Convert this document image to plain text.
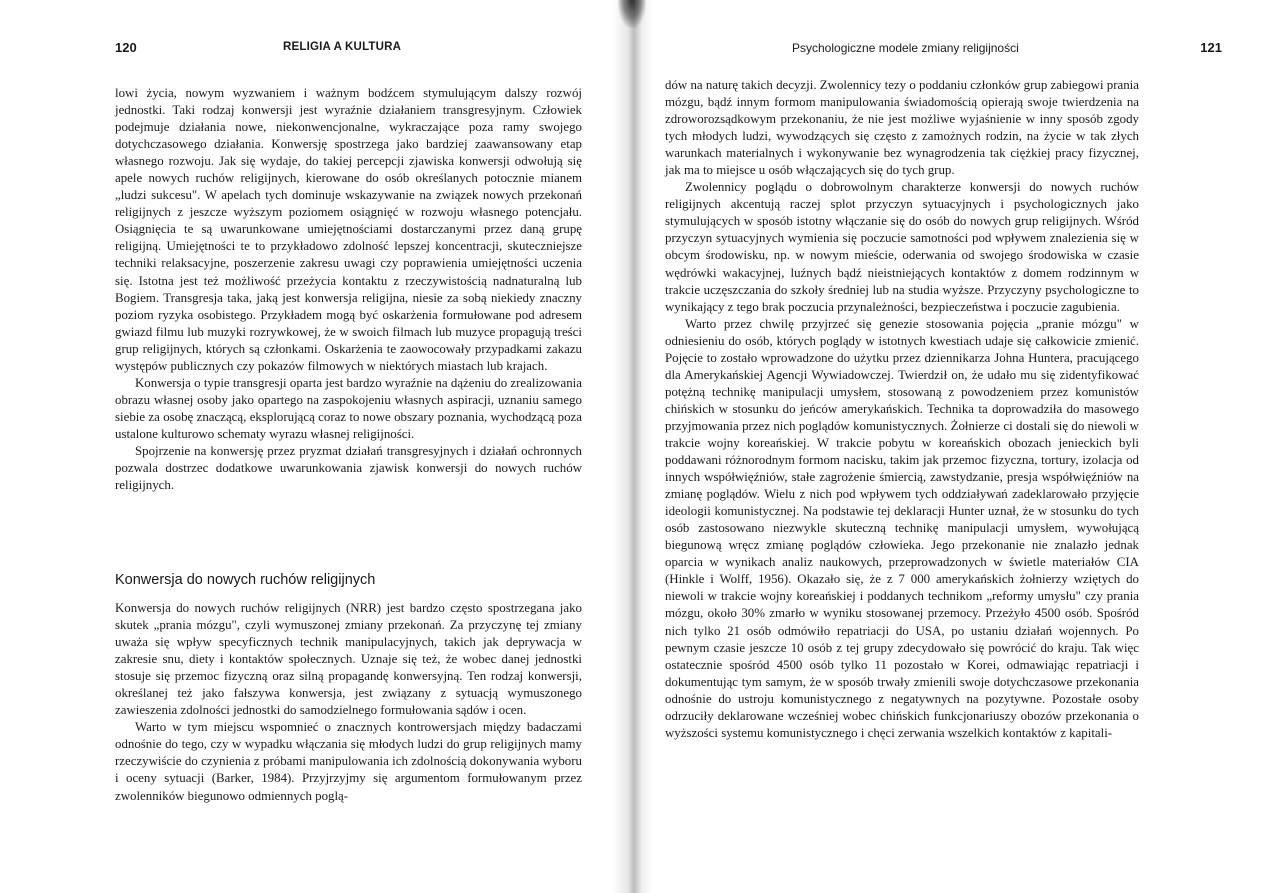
120	RELIGIA A KULTURA

lowi życia, nowym wyzwaniem i ważnym bodźcem stymulującym dalszy rozwój jednostki. Taki rodzaj konwersji jest wyraźnie działaniem transgresyjnym. Człowiek podejmuje działania nowe, niekonwencjonalne, wykraczające poza ramy swojego dotychczasowego działania. Konwersję spostrzega jako bardziej zaawansowany etap własnego rozwoju. Jak się wydaje, do takiej percepcji zjawiska konwersji odwołują się apele nowych ruchów religijnych, kierowane do osób określanych potocznie mianem „ludzi sukcesu". W apelach tych dominuje wskazywanie na związek nowych przekonań religijnych z jeszcze wyższym poziomem osiągnięć w rozwoju własnego potencjału. Osiągnięcia te są uwarunkowane umiejętnościami dostarczanymi przez daną grupę religijną. Umiejętności te to przykładowo zdolność lepszej koncentracji, skuteczniejsze techniki relaksacyjne, poszerzenie zakresu uwagi czy poprawienia umiejętności uczenia się. Istotna jest też możliwość przeżycia kontaktu z rzeczywistością nadnaturalną lub Bogiem. Transgresja taka, jaką jest konwersja religijna, niesie za sobą niekiedy znaczny poziom ryzyka osobistego. Przykładem mogą być oskarżenia formułowane pod adresem gwiazd filmu lub muzyki rozrywkowej, że w swoich filmach lub muzyce propagują treści grup religijnych, których są członkami. Oskarżenia te zaowocowały przypadkami zakazu występów publicznych czy pokazów filmowych w niektórych miastach lub krajach.

Konwersja o typie transgresji oparta jest bardzo wyraźnie na dążeniu do zrealizowania obrazu własnej osoby jako opartego na zaspokojeniu własnych aspiracji, uznaniu samego siebie za osobę znaczącą, eksplorującą coraz to nowe obszary poznania, wychodzącą poza ustalone kulturowo schematy wyrazu własnej religijności.

Spojrzenie na konwersję przez pryzmat działań transgresyjnych i działań ochronnych pozwala dostrzec dodatkowe uwarunkowania zjawisk konwersji do nowych ruchów religijnych.

Konwersja do nowych ruchów religijnych

Konwersja do nowych ruchów religijnych (NRR) jest bardzo często spostrzegana jako skutek „prania mózgu", czyli wymuszonej zmiany przekonań. Za przyczynę tej zmiany uważa się wpływ specyficznych technik manipulacyjnych, takich jak deprywacja w zakresie snu, diety i kontaktów społecznych. Uznaje się też, że wobec danej jednostki stosuje się przemoc fizyczną oraz silną propagandę konwersyjną. Ten rodzaj konwersji, określanej też jako fałszywa konwersja, jest związany z sytuacją wymuszonego zawieszenia zdolności jednostki do samodzielnego formułowania sądów i ocen.

Warto w tym miejscu wspomnieć o znacznych kontrowersjach między badaczami odnośnie do tego, czy w wypadku włączania się młodych ludzi do grup religijnych mamy rzeczywiście do czynienia z próbami manipulowania ich zdolnością dokonywania wyboru i oceny sytuacji (Barker, 1984). Przyjrzyjmy się argumentom formułowanym przez zwolenników biegunowo odmiennych poglą-

Psychologiczne modele zmiany religijności	121

dów na naturę takich decyzji. Zwolennicy tezy o poddaniu członków grup zabiegowi prania mózgu, bądź innym formom manipulowania świadomością opierają swoje twierdzenia na zdroworozsądkowym przekonaniu, że nie jest możliwe wyjaśnienie w inny sposób zgody tych młodych ludzi, wywodzących się często z zamożnych rodzin, na życie w tak złych warunkach materialnych i wykonywanie bez wynagrodzenia tak ciężkiej pracy fizycznej, jak ma to miejsce u osób włączających się do tych grup.

Zwolennicy poglądu o dobrowolnym charakterze konwersji do nowych ruchów religijnych akcentują raczej splot przyczyn sytuacyjnych i psychologicznych jako stymulujących w sposób istotny włączanie się do osób do nowych grup religijnych. Wśród przyczyn sytuacyjnych wymienia się poczucie samotności pod wpływem znalezienia się w obcym środowisku, np. w nowym mieście, oderwania od swojego środowiska w czasie wędrówki wakacyjnej, luźnych bądź nieistniejących kontaktów z domem rodzinnym w trakcie uczęszczania do szkoły średniej lub na studia wyższe. Przyczyny psychologiczne to wynikający z tego brak poczucia przynależności, bezpieczeństwa i poczucie zagubienia.

Warto przez chwilę przyjrzeć się genezie stosowania pojęcia „pranie mózgu" w odniesieniu do osób, których poglądy w istotnych kwestiach udaje się całkowicie zmienić. Pojęcie to zostało wprowadzone do użytku przez dziennikarza Johna Huntera, pracującego dla Amerykańskiej Agencji Wywiadowczej. Twierdził on, że udało mu się zidentyfikować potężną technikę manipulacji umysłem, stosowaną z powodzeniem przez komunistów chińskich w stosunku do jeńców amerykańskich. Technika ta doprowadziła do masowego przyjmowania przez nich poglądów komunistycznych. Żołnierze ci dostali się do niewoli w trakcie wojny koreańskiej. W trakcie pobytu w koreańskich obozach jenieckich byli poddawani różnorodnym formom nacisku, takim jak przemoc fizyczna, tortury, izolacja od innych współwięźniów, stałe zagrożenie śmiercią, zawstydzanie, presja współwięźniów na zmianę poglądów. Wielu z nich pod wpływem tych oddziaływań zadeklarowało przyjęcie ideologii komunistycznej. Na podstawie tej deklaracji Hunter uznał, że w stosunku do tych osób zastosowano niezwykle skuteczną technikę manipulacji umysłem, wywołującą biegunową wręcz zmianę poglądów człowieka. Jego przekonanie nie znalazło jednak oparcia w wynikach analiz naukowych, przeprowadzonych w świetle materiałów CIA (Hinkle i Wolff, 1956). Okazało się, że z 7 000 amerykańskich żołnierzy wziętych do niewoli w trakcie wojny koreańskiej i poddanych technikom „reformy umysłu" czy prania mózgu, około 30% zmarło w wyniku stosowanej przemocy. Przeżyło 4500 osób. Spośród nich tylko 21 osób odmówiło repatriacji do USA, po ustaniu działań wojennych. Po pewnym czasie jeszcze 10 osób z tej grupy zdecydowało się powrócić do kraju. Tak więc ostatecznie spośród 4500 osób tylko 11 pozostało w Korei, odmawiając repatriacji i dokumentując tym samym, że w sposób trwały zmienili swoje dotychczasowe przekonania odnośnie do ustroju komunistycznego z negatywnych na pozytywne. Pozostałe osoby odrzuciły deklarowane wcześniej wobec chińskich funkcjonariuszy obozów przekonania o wyższości systemu komunistycznego i chęci zerwania wszelkich kontaktów z kapitali-
